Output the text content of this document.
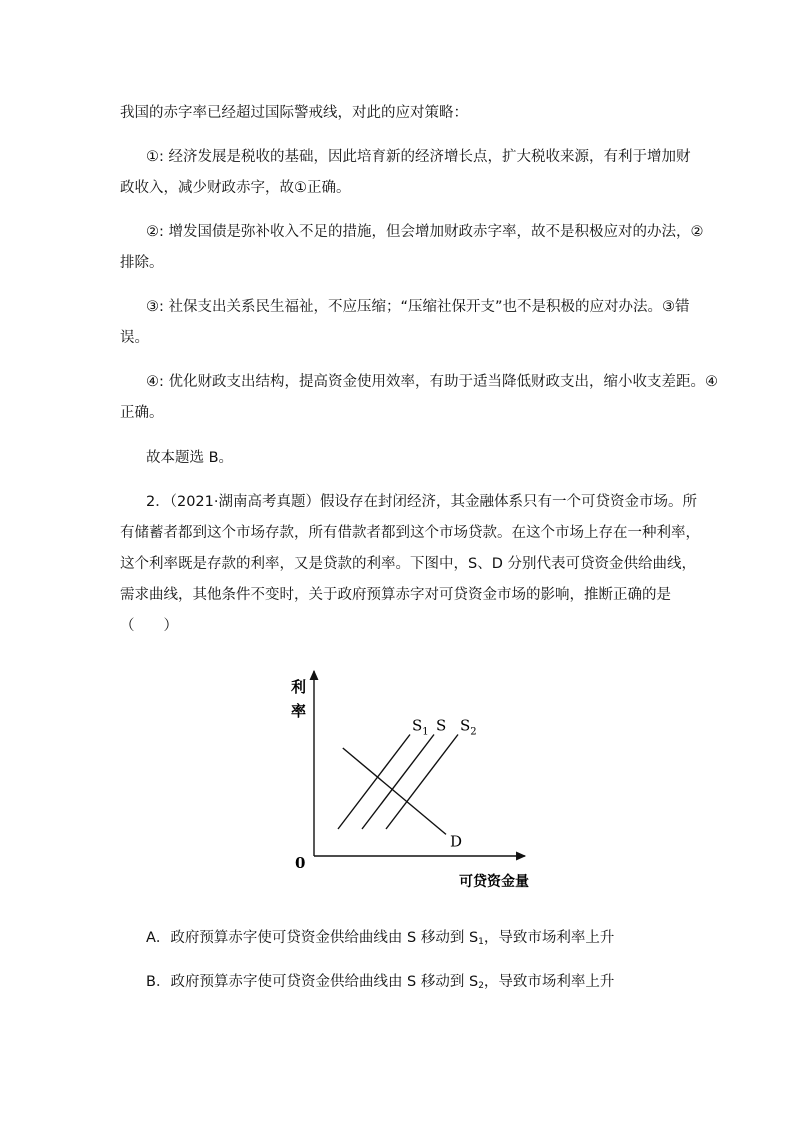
我国的赤字率已经超过国际警戒线，对此的应对策略：
①: 经济发展是税收的基础，因此培育新的经济增长点，扩大税收来源，有利于增加财
政收入，减少财政赤字，故①正确。
②: 增发国债是弥补收入不足的措施，但会增加财政赤字率，故不是积极应对的办法，②
排除。
③: 社保支出关系民生福祉，不应压缩；“压缩社保开支”也不是积极的应对办法。③错
误。
④: 优化财政支出结构，提高资金使用效率，有助于适当降低财政支出，缩小收支差距。④
正确。
故本题选 B。
2．（2021·湖南高考真题）假设存在封闭经济，其金融体系只有一个可贷资金市场。所
有储蓄者都到这个市场存款，所有借款者都到这个市场贷款。在这个市场上存在一种利率，
这个利率既是存款的利率，又是贷款的利率。下图中，S、D 分别代表可贷资金供给曲线，
需求曲线，其他条件不变时，关于政府预算赤字对可贷资金市场的影响，推断正确的是
（　　）
利
率
0
可贷资金量
$S_1$ S $S_2$
D
A．政府预算赤字使可贷资金供给曲线由 S 移动到 $S_1$，导致市场利率上升
B．政府预算赤字使可贷资金供给曲线由 S 移动到 $S_2$，导致市场利率上升
